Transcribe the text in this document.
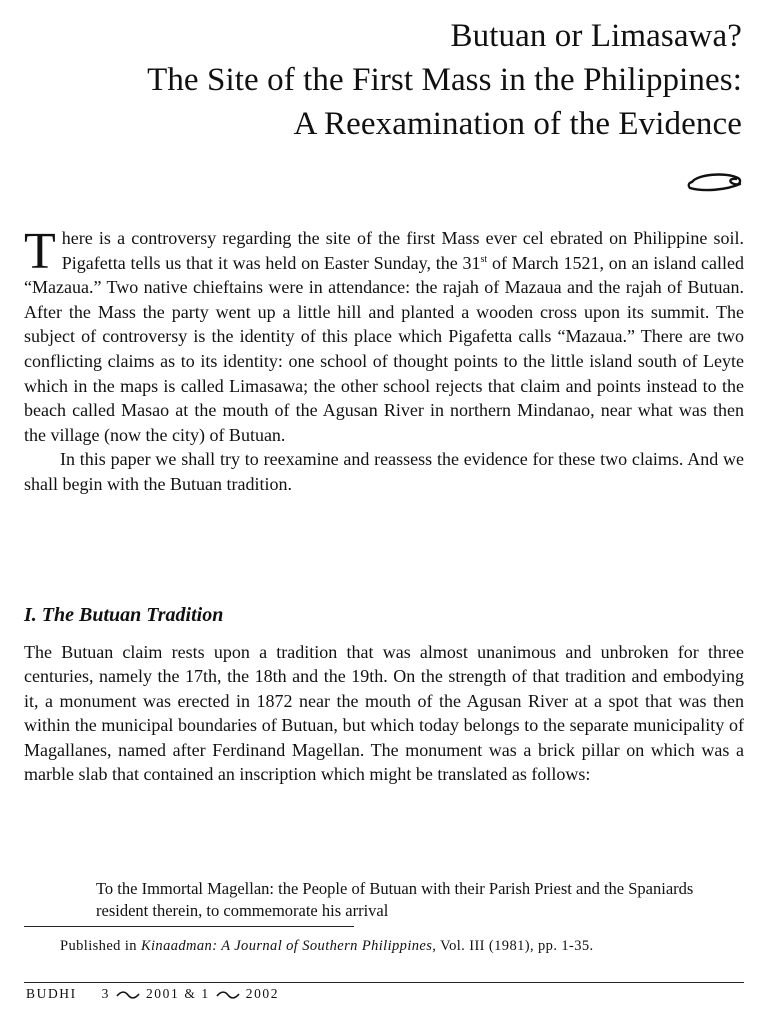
Butuan or Limasawa?
The Site of the First Mass in the Philippines:
A Reexamination of the Evidence

There is a controversy regarding the site of the first Mass ever cel ebrated on Philippine soil. Pigafetta tells us that it was held on Easter Sunday, the 31st of March 1521, on an island called “Mazaua.” Two native chieftains were in attendance: the rajah of Mazaua and the rajah of Butuan. After the Mass the party went up a little hill and planted a wooden cross upon its summit. The subject of controversy is the identity of this place which Pigafetta calls “Mazaua.” There are two conflicting claims as to its identity: one school of thought points to the little island south of Leyte which in the maps is called Limasawa; the other school rejects that claim and points instead to the beach called Masao at the mouth of the Agusan River in northern Mindanao, near what was then the village (now the city) of Butuan.

In this paper we shall try to reexamine and reassess the evidence for these two claims. And we shall begin with the Butuan tradition.

I. The Butuan Tradition

The Butuan claim rests upon a tradition that was almost unanimous and unbroken for three centuries, namely the 17th, the 18th and the 19th. On the strength of that tradition and embodying it, a monument was erected in 1872 near the mouth of the Agusan River at a spot that was then within the municipal boundaries of Butuan, but which today belongs to the separate municipality of Magallanes, named after Ferdinand Magellan. The monument was a brick pillar on which was a marble slab that contained an inscription which might be translated as follows:

To the Immortal Magellan: the People of Butuan with their Parish Priest and the Spaniards resident therein, to commemorate his arrival

Published in Kinaadman: A Journal of Southern Philippines, Vol. III (1981), pp. 1-35.

BUDHI 3	2001 & 1	2002
